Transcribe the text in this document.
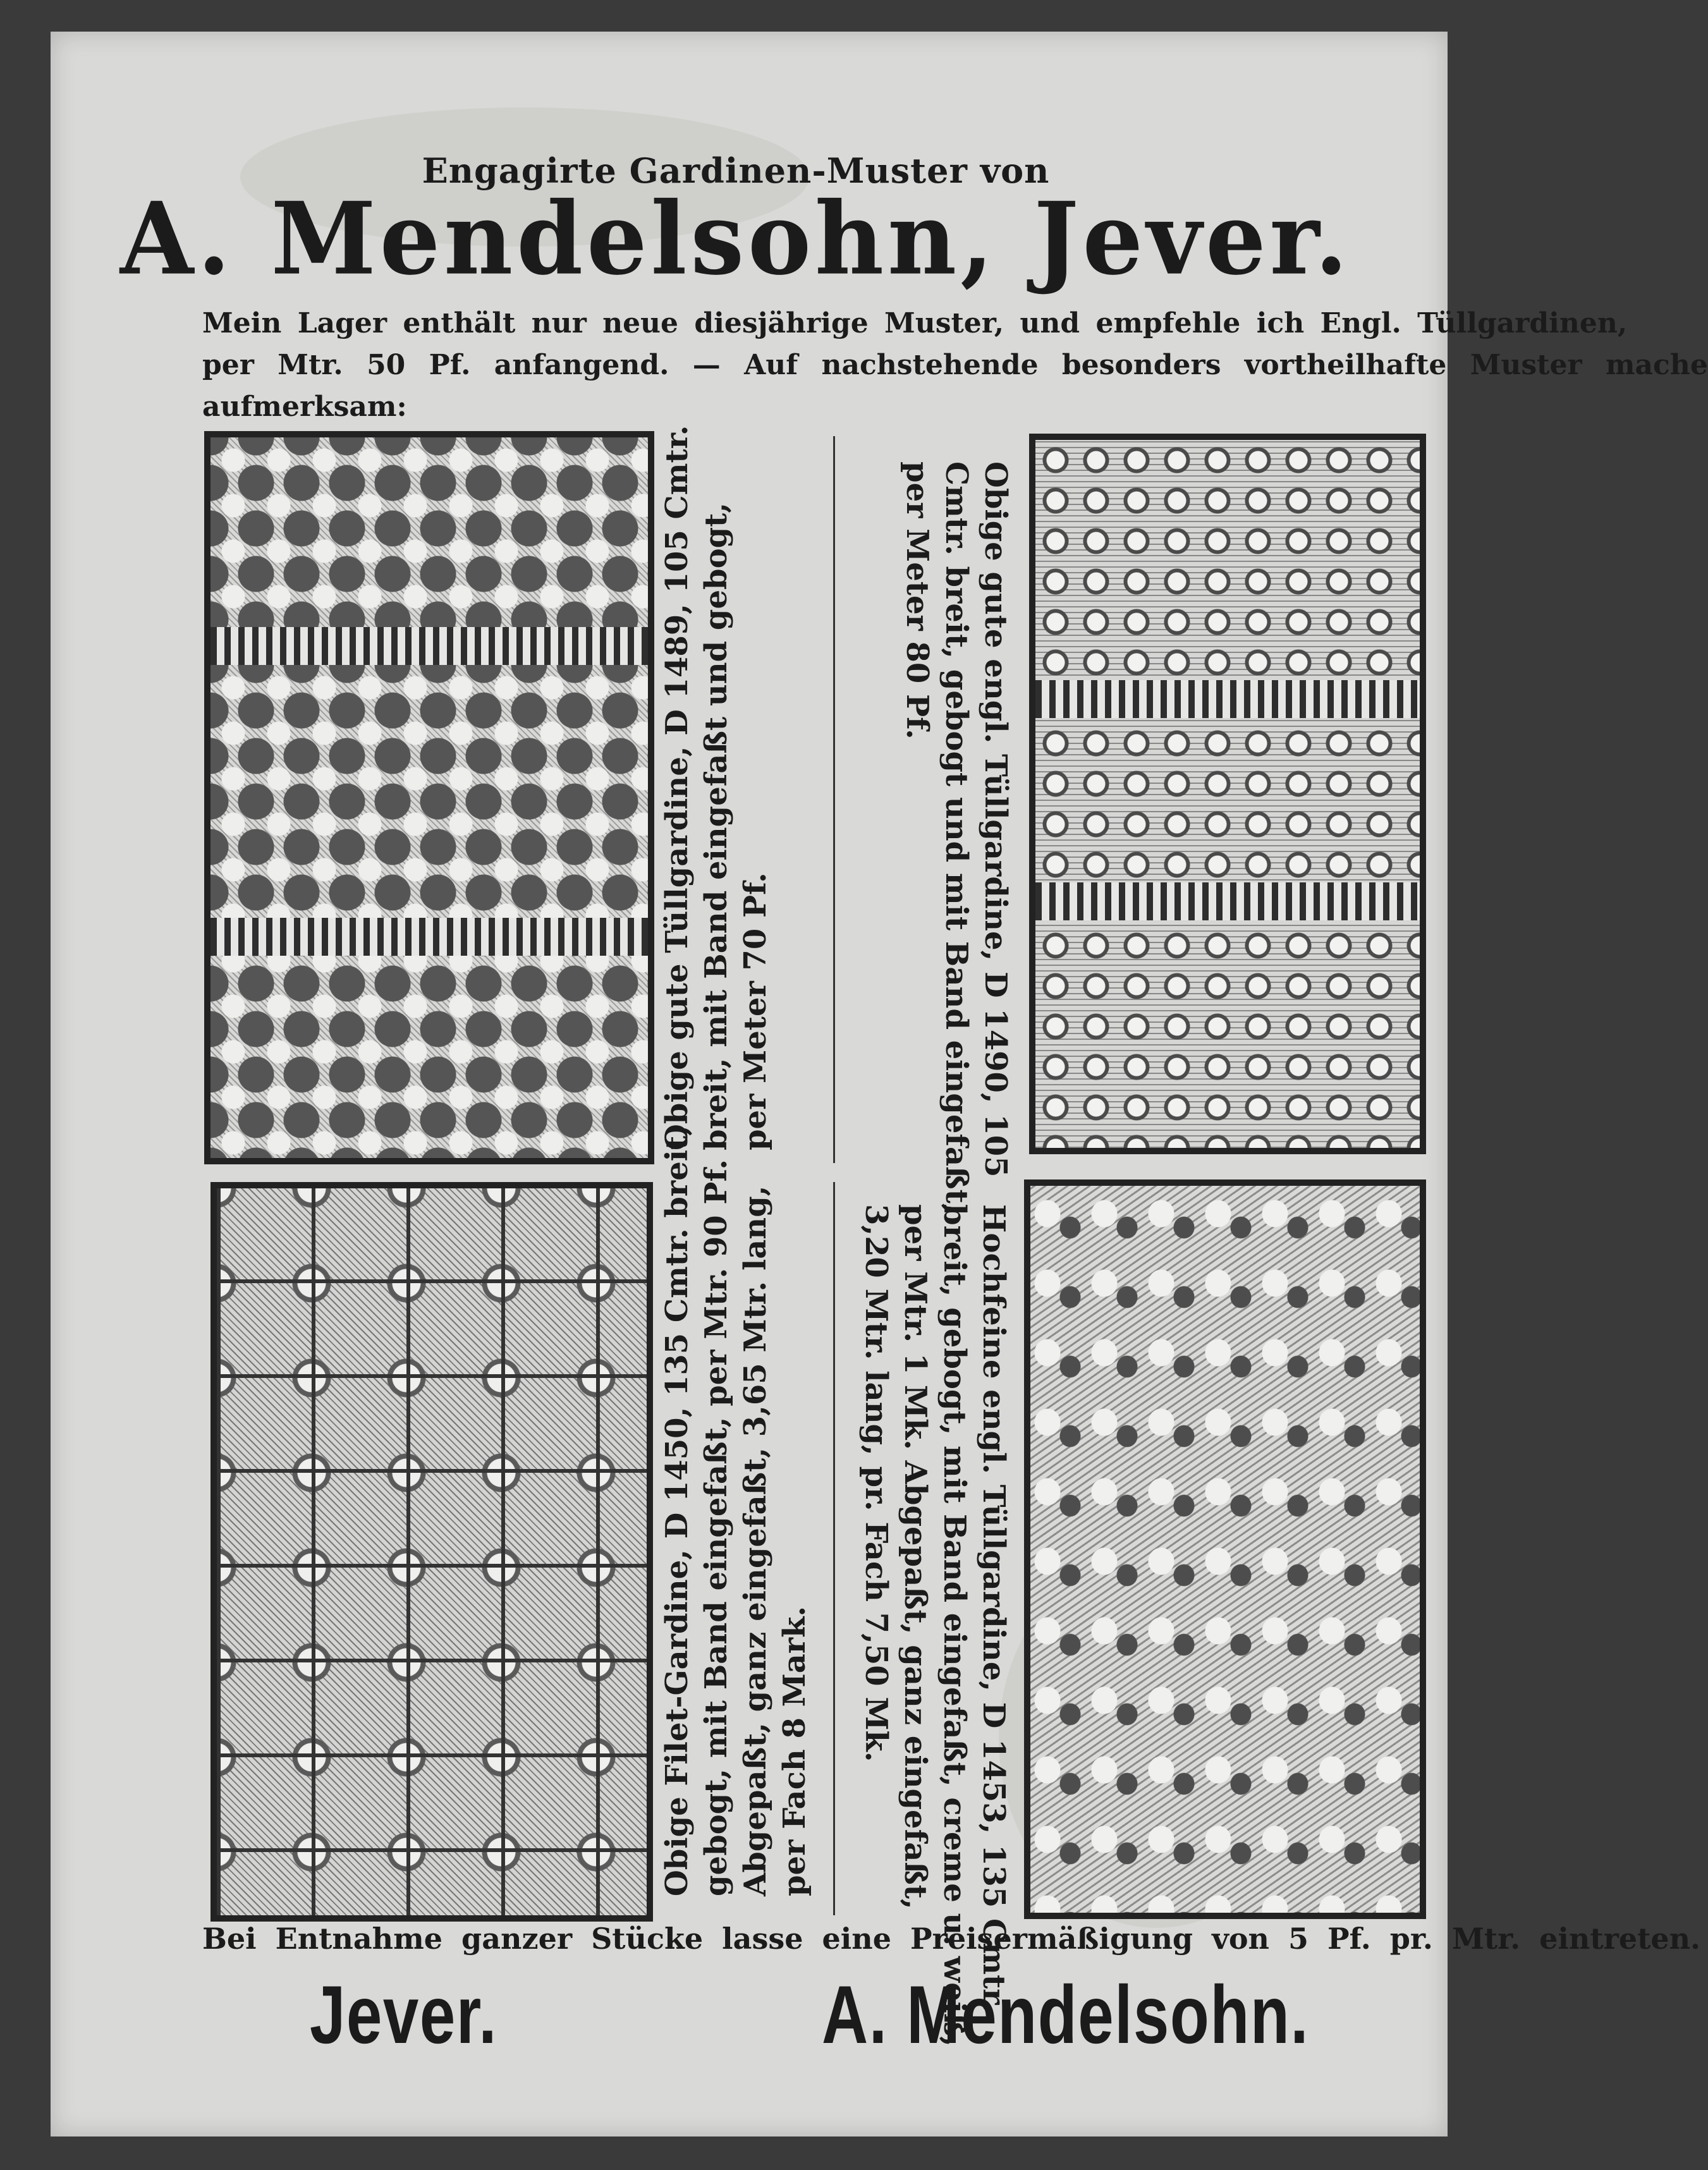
Engagirte Gardinen-Muster von
A. Mendelsohn, Jever.
Mein Lager enthält nur neue diesjährige Muster, und empfehle ich Engl. Tüllgardinen,
per Mtr. 50 Pf. anfangend. — Auf nachstehende besonders vortheilhafte Muster mache
aufmerksam:
Obige gute Tüllgardine, D 1489, 105 Cmtr. breit, mit Band eingefaßt und gebogt, per Meter 70 Pf.	Obige gute engl. Tüllgardine, D 1490, 105
Cmtr. breit, gebogt und mit Band eingefaßt,
per Meter 80 Pf.
Obige Filet-Gardine, D 1450, 135 Cmtr. breit, gebogt, mit Band eingefaßt, per Mtr. 90 Pf. Abgepaßt, ganz eingefaßt, 3,65 Mtr. lang, per Fach 8 Mark.	Hochfeine engl. Tüllgardine, D 1453, 135 Cmtr.
breit, gebogt, mit Band eingefaßt, creme u. weiß,
per Mtr. 1 Mk. Abgepaßt, ganz eingefaßt,
3,20 Mtr. lang, pr. Fach 7,50 Mk.
Bei Entnahme ganzer Stücke lasse eine Preisermäßigung von 5 Pf. pr. Mtr. eintreten.
Jever.	A. Mendelsohn.
